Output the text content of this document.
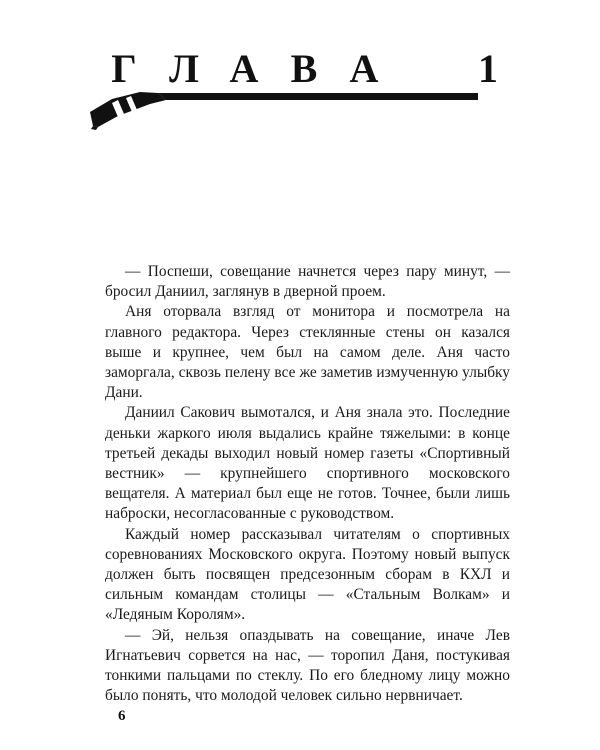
Г Л А В А 1

— Поспеши, совещание начнется через пару минут, — бросил Даниил, заглянув в дверной проем.

Аня оторвала взгляд от монитора и посмотрела на главного редактора. Через стеклянные стены он казался выше и крупнее, чем был на самом деле. Аня часто заморгала, сквозь пелену все же заметив измученную улыбку Дани.

Даниил Сакович вымотался, и Аня знала это. Последние деньки жаркого июля выдались крайне тяжелыми: в конце третьей декады выходил новый номер газеты «Спортивный вестник» — крупнейшего спортивного московского вещателя. А материал был еще не готов. Точнее, были лишь наброски, несогласованные с руководством.

Каждый номер рассказывал читателям о спортивных соревнованиях Московского округа. Поэтому новый выпуск должен быть посвящен предсезонным сборам в КХЛ и сильным командам столицы — «Стальным Волкам» и «Ледяным Королям».

— Эй, нельзя опаздывать на совещание, иначе Лев Игнатьевич сорвется на нас, — торопил Даня, постукивая тонкими пальцами по стеклу. По его бледному лицу можно было понять, что молодой человек сильно нервничает.

6
